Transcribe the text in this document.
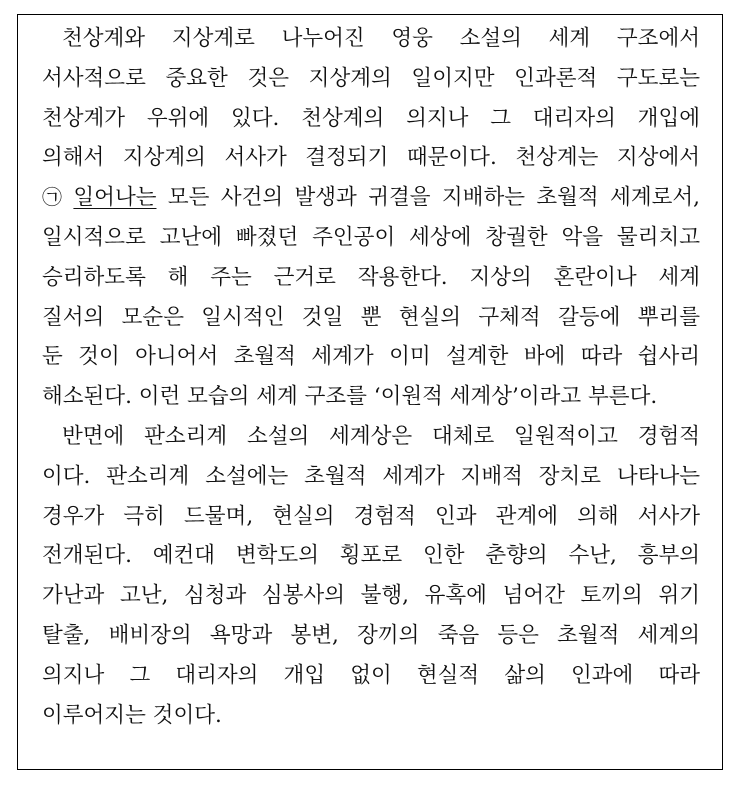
천상계와 지상계로 나누어진 영웅 소설의 세계 구조에서
서사적으로 중요한 것은 지상계의 일이지만 인과론적 구도로는
천상계가 우위에 있다. 천상계의 의지나 그 대리자의 개입에
의해서 지상계의 서사가 결정되기 때문이다. 천상계는 지상에서
㉠ 일어나는 모든 사건의 발생과 귀결을 지배하는 초월적 세계로서,
일시적으로 고난에 빠졌던 주인공이 세상에 창궐한 악을 물리치고
승리하도록 해 주는 근거로 작용한다. 지상의 혼란이나 세계
질서의 모순은 일시적인 것일 뿐 현실의 구체적 갈등에 뿌리를
둔 것이 아니어서 초월적 세계가 이미 설계한 바에 따라 쉽사리
해소된다. 이런 모습의 세계 구조를 ‘이원적 세계상’이라고 부른다.

반면에 판소리계 소설의 세계상은 대체로 일원적이고 경험적
이다. 판소리계 소설에는 초월적 세계가 지배적 장치로 나타나는
경우가 극히 드물며, 현실의 경험적 인과 관계에 의해 서사가
전개된다. 예컨대 변학도의 횡포로 인한 춘향의 수난, 흥부의
가난과 고난, 심청과 심봉사의 불행, 유혹에 넘어간 토끼의 위기
탈출, 배비장의 욕망과 봉변, 장끼의 죽음 등은 초월적 세계의
의지나 그 대리자의 개입 없이 현실적 삶의 인과에 따라
이루어지는 것이다.
